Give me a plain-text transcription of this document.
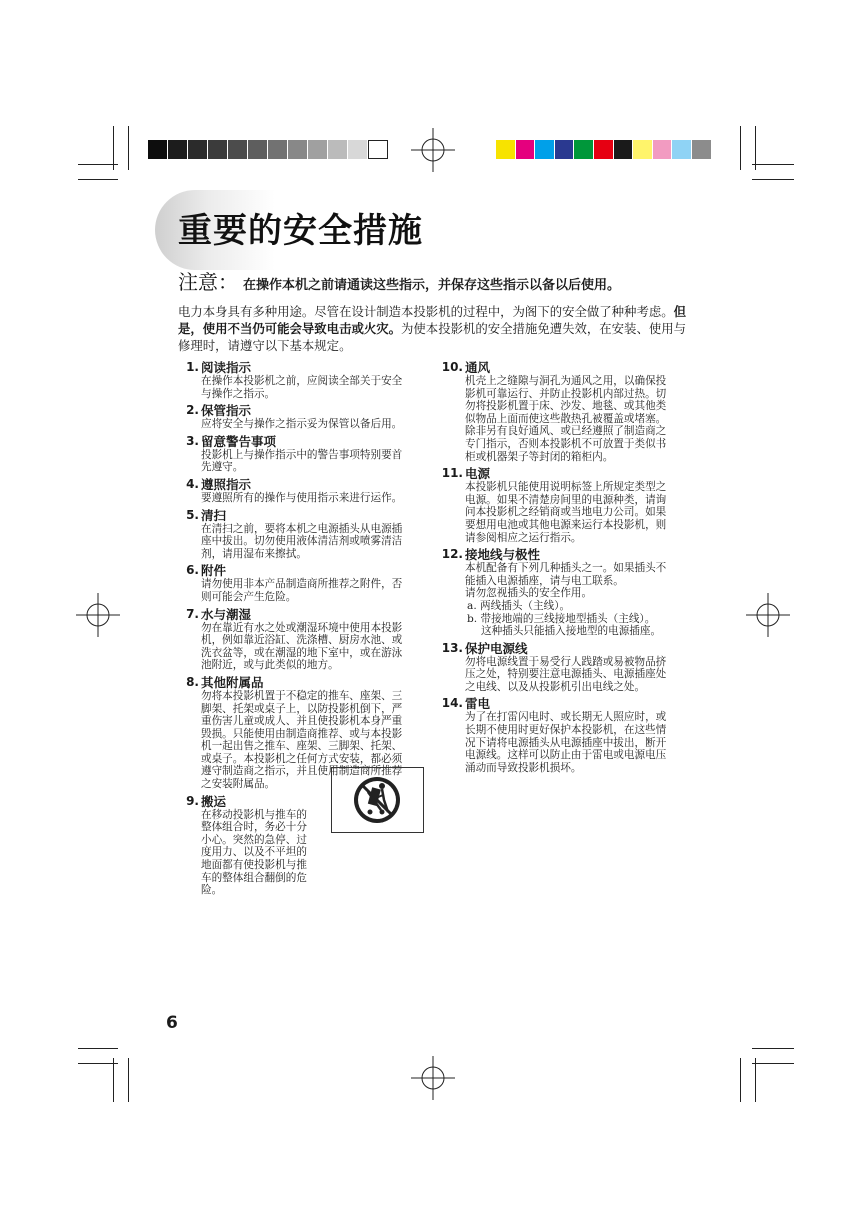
重要的安全措施
注意： 在操作本机之前请通读这些指示，并保存这些指示以备以后使用。
电力本身具有多种用途。尽管在设计制造本投影机的过程中，为阁下的安全做了种种考虑。但是，使用不当仍可能会导致电击或火灾。为使本投影机的安全措施免遭失效，在安装、使用与修理时，请遵守以下基本规定。
1. 阅读指示
在操作本投影机之前，应阅读全部关于安全
与操作之指示。
2. 保管指示
应将安全与操作之指示妥为保管以备后用。
3. 留意警告事项
投影机上与操作指示中的警告事项特别要首
先遵守。
4. 遵照指示
要遵照所有的操作与使用指示来进行运作。
5. 清扫
在清扫之前，要将本机之电源插头从电源插
座中拔出。切勿使用液体清洁剂或喷雾清洁
剂，请用湿布来擦拭。
6. 附件
请勿使用非本产品制造商所推荐之附件，否
则可能会产生危险。
7. 水与潮湿
勿在靠近有水之处或潮湿环境中使用本投影
机，例如靠近浴缸、洗涤槽、厨房水池、或
洗衣盆等，或在潮湿的地下室中，或在游泳
池附近，或与此类似的地方。
8. 其他附属品
勿将本投影机置于不稳定的推车、座架、三
脚架、托架或桌子上，以防投影机倒下，严
重伤害儿童或成人、并且使投影机本身严重
毁损。只能使用由制造商推荐、或与本投影
机一起出售之推车、座架、三脚架、托架、
或桌子。本投影机之任何方式安装，都必须
遵守制造商之指示，并且使用制造商所推荐
之安装附属品。
9. 搬运
在移动投影机与推车的
整体组合时，务必十分
小心。突然的急停、过
度用力、以及不平坦的
地面都有使投影机与推
车的整体组合翻倒的危
险。
10. 通风
机壳上之缝隙与洞孔为通风之用，以确保投
影机可靠运行、并防止投影机内部过热。切
勿将投影机置于床、沙发、地毯、或其他类
似物品上面而使这些散热孔被覆盖或堵塞。
除非另有良好通风、或已经遵照了制造商之
专门指示，否则本投影机不可放置于类似书
柜或机器架子等封闭的箱柜内。
11. 电源
本投影机只能使用说明标签上所规定类型之
电源。如果不清楚房间里的电源种类，请询
问本投影机之经销商或当地电力公司。如果
要想用电池或其他电源来运行本投影机，则
请参阅相应之运行指示。
12. 接地线与极性
本机配备有下列几种插头之一。如果插头不
能插入电源插座，请与电工联系。
请勿忽视插头的安全作用。
a. 两线插头（主线）。
b. 带接地端的三线接地型插头（主线）。
这种插头只能插入接地型的电源插座。
13. 保护电源线
勿将电源线置于易受行人践踏或易被物品挤
压之处，特别要注意电源插头、电源插座处
之电线、以及从投影机引出电线之处。
14. 雷电
为了在打雷闪电时、或长期无人照应时，或
长期不使用时更好保护本投影机，在这些情
况下请将电源插头从电源插座中拔出，断开
电源线。这样可以防止由于雷电或电源电压
涌动而导致投影机损坏。
6
